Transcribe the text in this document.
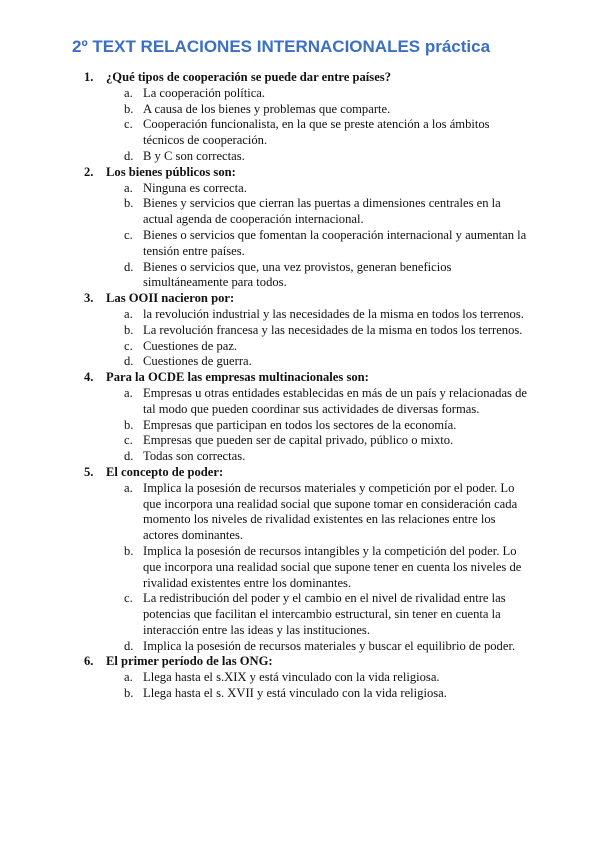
2º TEXT RELACIONES INTERNACIONALES práctica
1. ¿Qué tipos de cooperación se puede dar entre países?
a. La cooperación política.
b. A causa de los bienes y problemas que comparte.
c. Cooperación funcionalista, en la que se preste atención a los ámbitos técnicos de cooperación.
d. B y C son correctas.
2. Los bienes públicos son:
a. Ninguna es correcta.
b. Bienes y servicios que cierran las puertas a dimensiones centrales en la actual agenda de cooperación internacional.
c. Bienes o servicios que fomentan la cooperación internacional y aumentan la tensión entre países.
d. Bienes o servicios que, una vez provistos, generan beneficios simultáneamente para todos.
3. Las OOII nacieron por:
a. la revolución industrial y las necesidades de la misma en todos los terrenos.
b. La revolución francesa y las necesidades de la misma en todos los terrenos.
c. Cuestiones de paz.
d. Cuestiones de guerra.
4. Para la OCDE las empresas multinacionales son:
a. Empresas u otras entidades establecidas en más de un país y relacionadas de tal modo que pueden coordinar sus actividades de diversas formas.
b. Empresas que participan en todos los sectores de la economía.
c. Empresas que pueden ser de capital privado, público o mixto.
d. Todas son correctas.
5. El concepto de poder:
a. Implica la posesión de recursos materiales y competición por el poder. Lo que incorpora una realidad social que supone tomar en consideración cada momento los niveles de rivalidad existentes en las relaciones entre los actores dominantes.
b. Implica la posesión de recursos intangibles y la competición del poder. Lo que incorpora una realidad social que supone tener en cuenta los niveles de rivalidad existentes entre los dominantes.
c. La redistribución del poder y el cambio en el nivel de rivalidad entre las potencias que facilitan el intercambio estructural, sin tener en cuenta la interacción entre las ideas y las instituciones.
d. Implica la posesión de recursos materiales y buscar el equilibrio de poder.
6. El primer período de las ONG:
a. Llega hasta el s.XIX y está vinculado con la vida religiosa.
b. Llega hasta el s. XVII y está vinculado con la vida religiosa.
